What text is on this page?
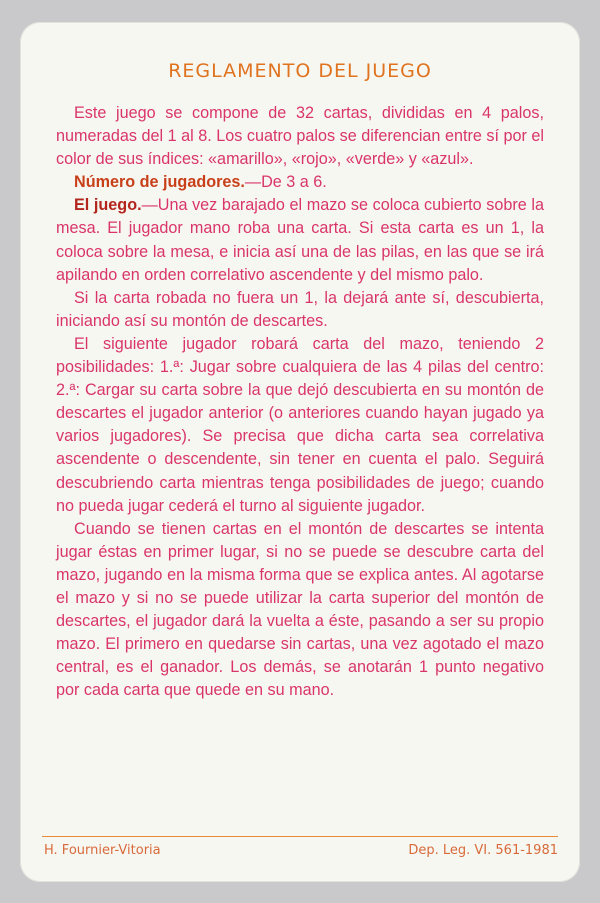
REGLAMENTO DEL JUEGO

Este juego se compone de 32 cartas, divididas en 4 palos, numeradas del 1 al 8. Los cuatro palos se diferencian entre sí por el color de sus índices: «amarillo», «rojo», «verde» y «azul».

Número de jugadores.—De 3 a 6.

El juego.—Una vez barajado el mazo se coloca cubierto sobre la mesa. El jugador mano roba una carta. Si esta carta es un 1, la coloca sobre la mesa, e inicia así una de las pilas, en las que se irá apilando en orden correlativo ascendente y del mismo palo.

Si la carta robada no fuera un 1, la dejará ante sí, descubierta, iniciando así su montón de descartes.

El siguiente jugador robará carta del mazo, teniendo 2 posibilidades: 1.ª: Jugar sobre cualquiera de las 4 pilas del centro: 2.ª: Cargar su carta sobre la que dejó descubierta en su montón de descartes el jugador anterior (o anteriores cuando hayan jugado ya varios jugadores). Se precisa que dicha carta sea correlativa ascendente o descendente, sin tener en cuenta el palo. Seguirá descubriendo carta mientras tenga posibilidades de juego; cuando no pueda jugar cederá el turno al siguiente jugador.

Cuando se tienen cartas en el montón de descartes se intenta jugar éstas en primer lugar, si no se puede se descubre carta del mazo, jugando en la misma forma que se explica antes. Al agotarse el mazo y si no se puede utilizar la carta superior del montón de descartes, el jugador dará la vuelta a éste, pasando a ser su propio mazo. El primero en quedarse sin cartas, una vez agotado el mazo central, es el ganador. Los demás, se anotarán 1 punto negativo por cada carta que quede en su mano.

H. Fournier-Vitoria	Dep. Leg. VI. 561-1981
